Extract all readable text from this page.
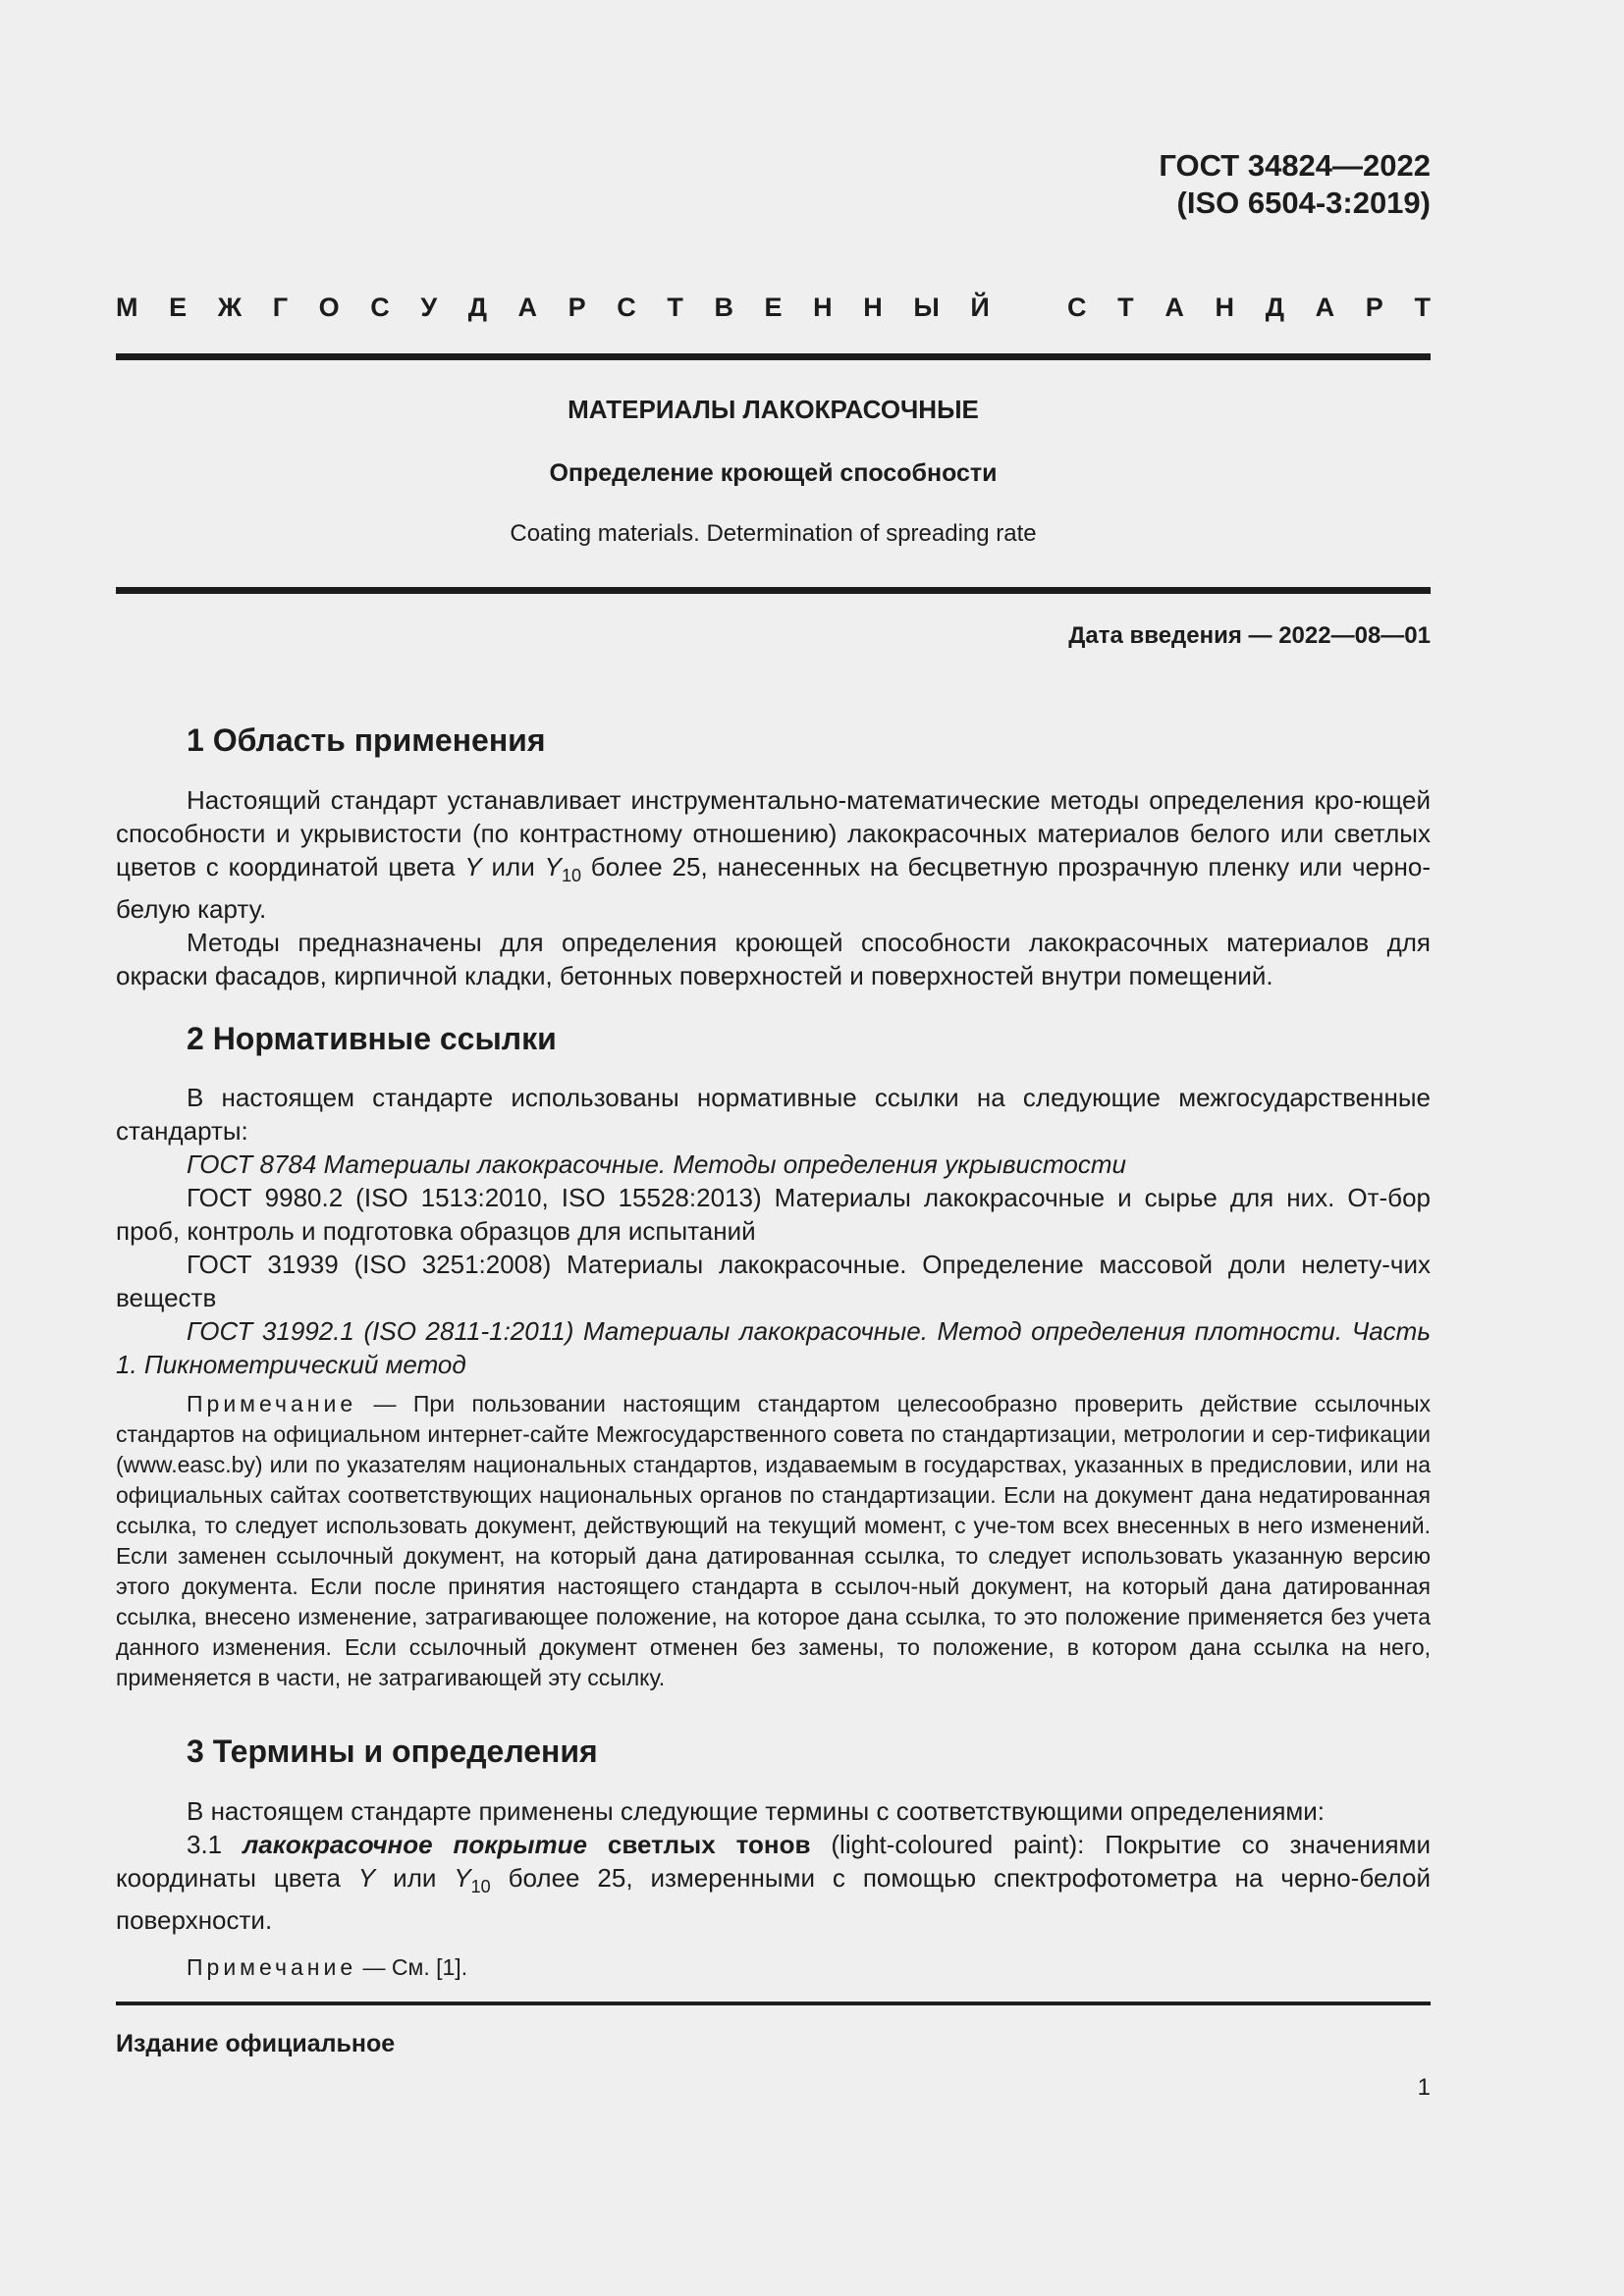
ГОСТ 34824—2022
(ISO 6504-3:2019)
М Е Ж Г О С У Д А Р С Т В Е Н Н Ы Й	С Т А Н Д А Р Т
МАТЕРИАЛЫ ЛАКОКРАСОЧНЫЕ
Определение кроющей способности
Coating materials. Determination of spreading rate
Дата введения — 2022—08—01
1 Область применения

Настоящий стандарт устанавливает инструментально-математические методы определения кро-ющей способности и укрывистости (по контрастному отношению) лакокрасочных материалов белого или светлых цветов с координатой цвета Y или $Y_{10}$ более 25, нанесенных на бесцветную прозрачную пленку или черно-белую карту.

Методы предназначены для определения кроющей способности лакокрасочных материалов для окраски фасадов, кирпичной кладки, бетонных поверхностей и поверхностей внутри помещений.

2 Нормативные ссылки

В настоящем стандарте использованы нормативные ссылки на следующие межгосударственные стандарты:

ГОСТ 8784 Материалы лакокрасочные. Методы определения укрывистости

ГОСТ 9980.2 (ISO 1513:2010, ISO 15528:2013) Материалы лакокрасочные и сырье для них. От-бор проб, контроль и подготовка образцов для испытаний

ГОСТ 31939 (ISO 3251:2008) Материалы лакокрасочные. Определение массовой доли нелету-чих веществ

ГОСТ 31992.1 (ISO 2811-1:2011) Материалы лакокрасочные. Метод определения плотности. Часть 1. Пикнометрический метод

Примечание — При пользовании настоящим стандартом целесообразно проверить действие ссылочных стандартов на официальном интернет-сайте Межгосударственного совета по стандартизации, метрологии и сер-тификации (www.easc.by) или по указателям национальных стандартов, издаваемым в государствах, указанных в предисловии, или на официальных сайтах соответствующих национальных органов по стандартизации. Если на документ дана недатированная ссылка, то следует использовать документ, действующий на текущий момент, с уче-том всех внесенных в него изменений. Если заменен ссылочный документ, на который дана датированная ссылка, то следует использовать указанную версию этого документа. Если после принятия настоящего стандарта в ссылоч-ный документ, на который дана датированная ссылка, внесено изменение, затрагивающее положение, на которое дана ссылка, то это положение применяется без учета данного изменения. Если ссылочный документ отменен без замены, то положение, в котором дана ссылка на него, применяется в части, не затрагивающей эту ссылку.

3 Термины и определения

В настоящем стандарте применены следующие термины с соответствующими определениями:

3.1 лакокрасочное покрытие светлых тонов (light-coloured paint): Покрытие со значениями координаты цвета Y или $Y_{10}$ более 25, измеренными с помощью спектрофотометра на черно-белой поверхности.

Примечание — См. [1].

Издание официальное
1
